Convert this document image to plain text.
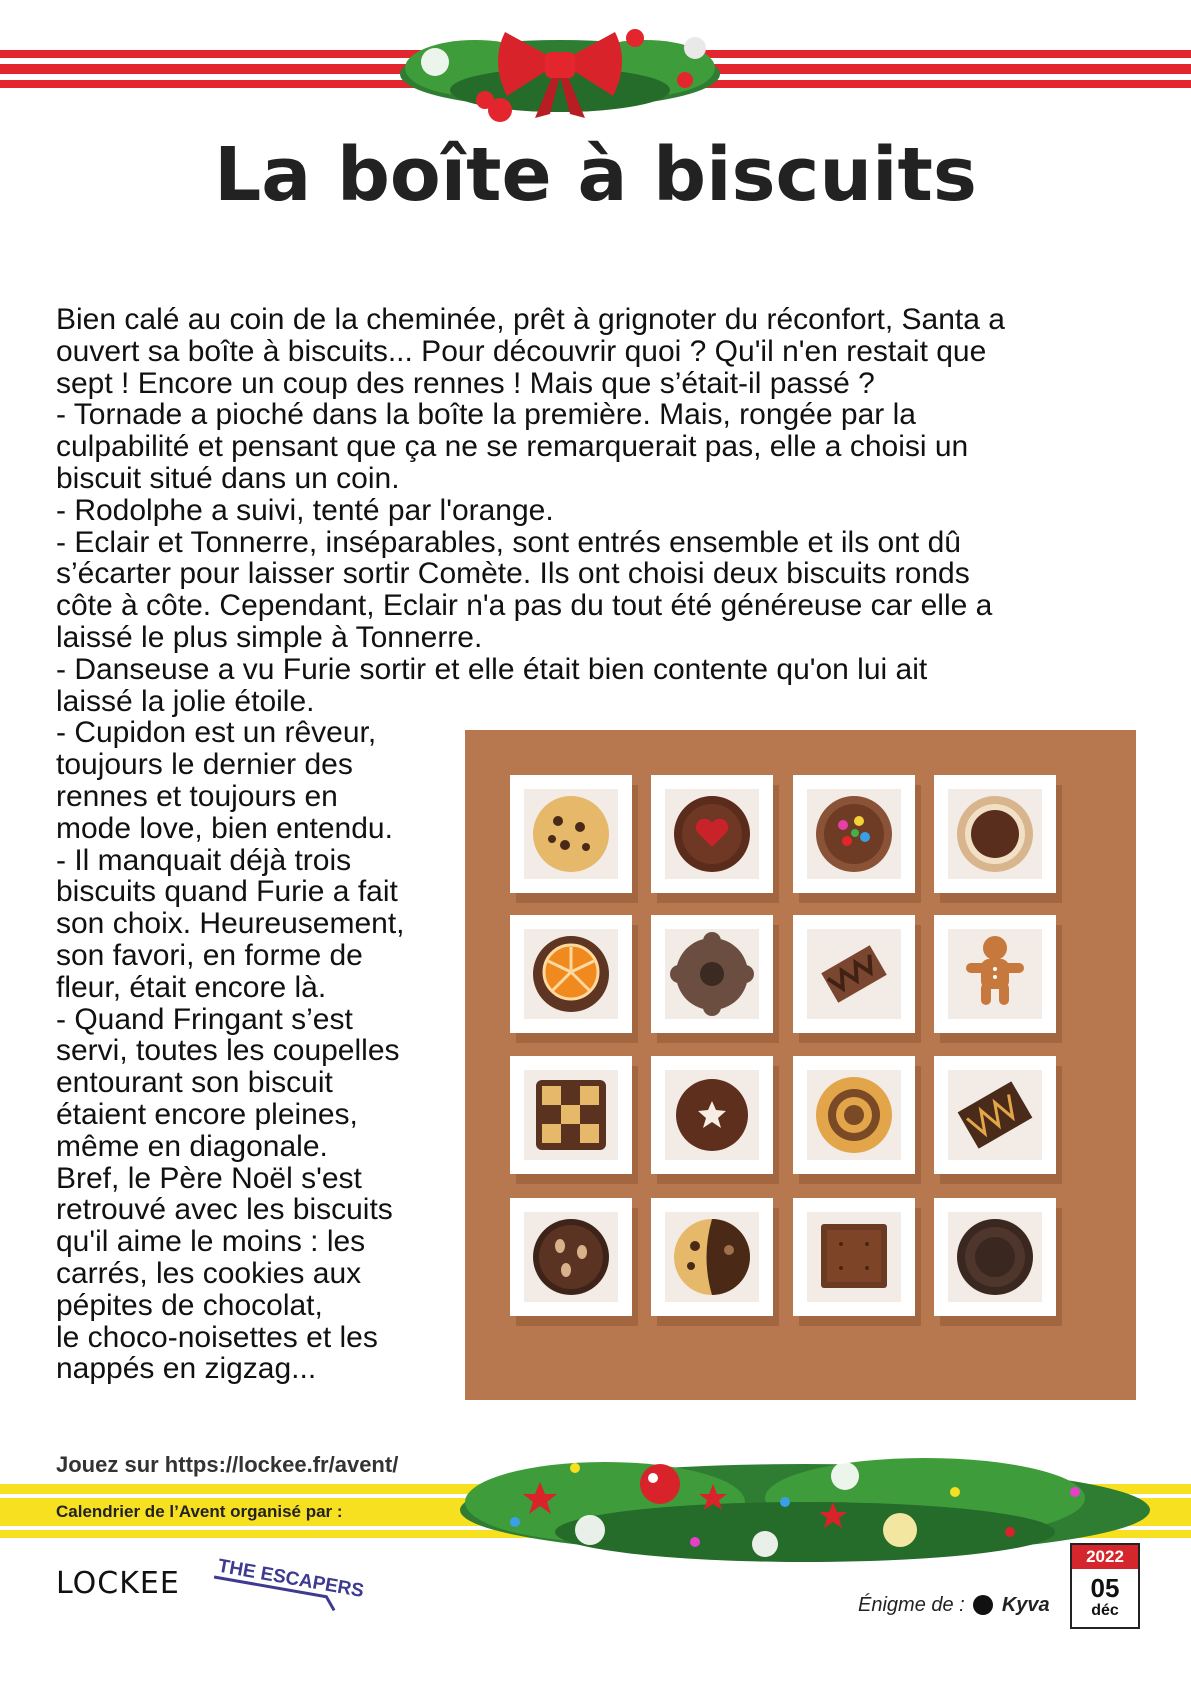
La boîte à biscuits
Bien calé au coin de la cheminée, prêt à grignoter du réconfort, Santa a
ouvert sa boîte à biscuits... Pour découvrir quoi ? Qu'il n'en restait que
sept ! Encore un coup des rennes ! Mais que s’était-il passé ?
- Tornade a pioché dans la boîte la première. Mais, rongée par la
culpabilité et pensant que ça ne se remarquerait pas, elle a choisi un
biscuit situé dans un coin.
- Rodolphe a suivi, tenté par l'orange.
- Eclair et Tonnerre, inséparables, sont entrés ensemble et ils ont dû
s’écarter pour laisser sortir Comète. Ils ont choisi deux biscuits ronds
côte à côte. Cependant, Eclair n'a pas du tout été généreuse car elle a
laissé le plus simple à Tonnerre.
- Danseuse a vu Furie sortir et elle était bien contente qu'on lui ait
laissé la jolie étoile.
- Cupidon est un rêveur,
toujours le dernier des
rennes et toujours en
mode love, bien entendu.
- Il manquait déjà trois
biscuits quand Furie a fait
son choix. Heureusement,
son favori, en forme de
fleur, était encore là.
- Quand Fringant s’est
servi, toutes les coupelles
entourant son biscuit
étaient encore pleines,
même en diagonale.
Bref, le Père Noël s'est
retrouvé avec les biscuits
qu'il aime le moins : les
carrés, les cookies aux
pépites de chocolat,
le choco-noisettes et les
nappés en zigzag...
Jouez sur https://lockee.fr/avent/
Calendrier de l’Avent organisé par :
LOCKEE THE ESCAPERS
Énigme de : Kyva
2022
05
déc
